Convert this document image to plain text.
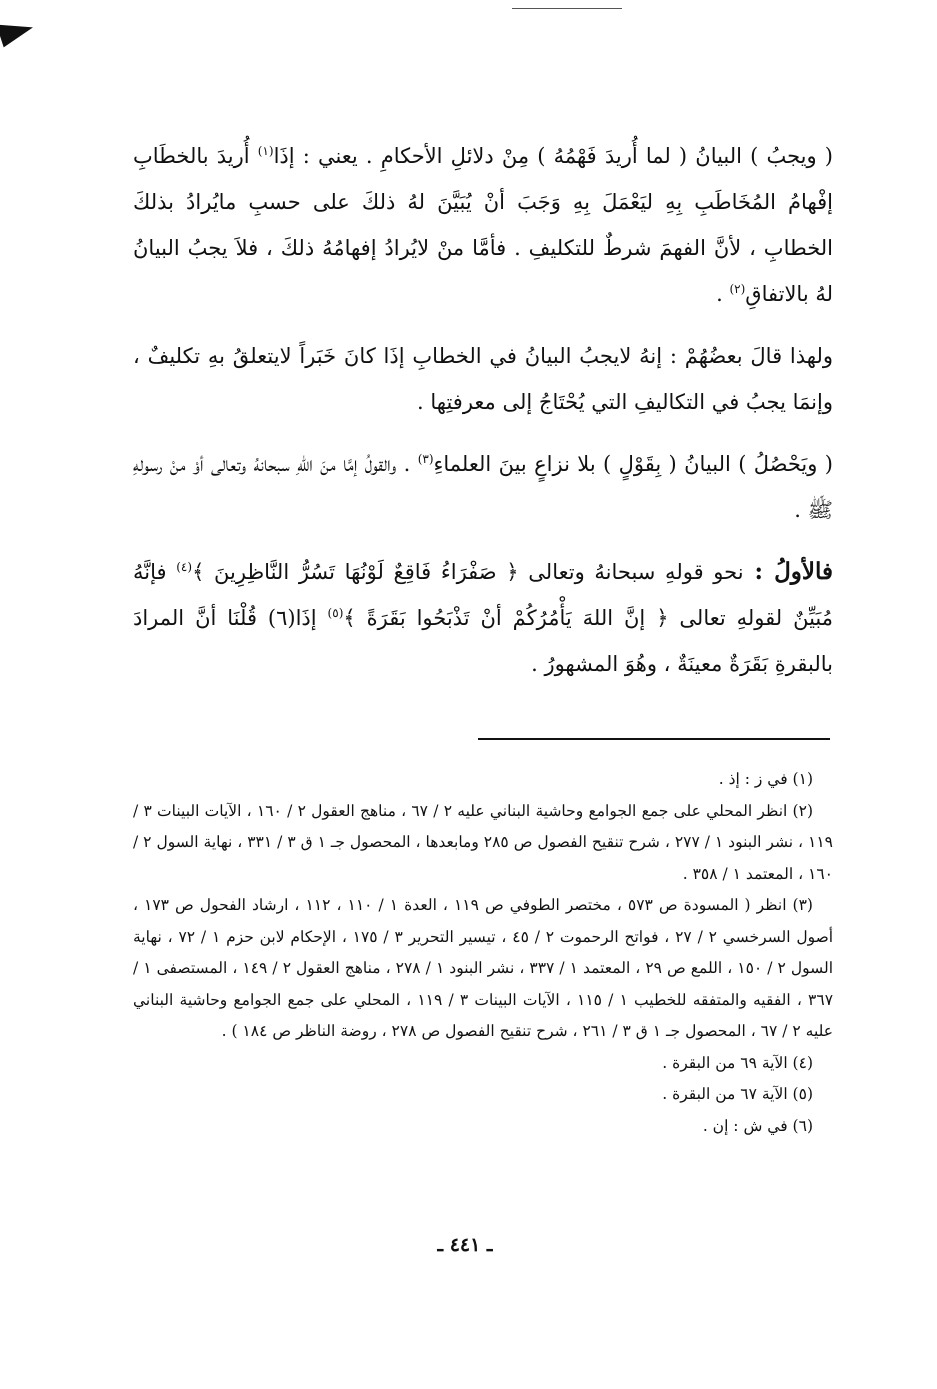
( ويجبُ ) البيانُ ( لما أُريدَ فَهْمُهُ ) مِنْ دلائلِ الأحكامِ . يعني : إذَا$^{(١)}$ أُريدَ بالخطَابِ إفْهامُ المُخَاطَبِ بِهِ ليَعْمَلَ بِهِ وَجَبَ أنْ يُبَيَّنَ لهُ ذلكَ على حسبِ مايُرادُ بذلكَ الخطابِ ، لأنَّ الفهمَ شرطٌ للتكليفِ . فأمَّا منْ لايُرادُ إفهامُهُ ذلكَ ، فلاَ يجبُ البيانُ لهُ بالاتفاقِ$^{(٢)}$ .

ولهذا قالَ بعضُهُمْ : إنهُ لايجبُ البيانُ في الخطابِ إذَا كانَ خَبَراً لايتعلقُ بهِ تكليفٌ ، وإنمَا يجبُ في التكاليفِ التي يُحْتَاجُ إلى معرفتِها .

( ويَحْصُلُ ) البيانُ ( بِقَوْلٍ ) بلا نزاعٍ بينَ العلماءِ$^{(٣)}$ . والقولُ إمَّا منَ اللهِ سبحانهُ وتعالى أوْ منْ رسولهِ ﷺ .

فالأولُ : نحو قولهِ سبحانهُ وتعالى ﴿ صَفْرَاءُ فَاقِعٌ لَوْنُهَا تَسُرُّ النَّاظِرِينَ ﴾$^{(٤)}$ فإنَّهُ مُبَيِّنٌ لقولهِ تعالى ﴿ إنَّ اللهَ يَأْمُرُكُمْ أنْ تَذْبَحُوا بَقَرَةً ﴾$^{(٥)}$ إذَا(٦) قُلْنَا أنَّ المرادَ بالبقرةِ بَقَرَةٌ معينَةٌ ، وهُوَ المشهورُ .

(١) في ز : إذ .

(٢) انظر المحلي على جمع الجوامع وحاشية البناني عليه ٢ / ٦٧ ، مناهج العقول ٢ / ١٦٠ ، الآيات البينات ٣ / ١١٩ ، نشر البنود ١ / ٢٧٧ ، شرح تنقيح الفصول ص ٢٨٥ ومابعدها ، المحصول جـ ١ ق ٣ / ٣٣١ ، نهاية السول ٢ / ١٦٠ ، المعتمد ١ / ٣٥٨ .

(٣) انظر ( المسودة ص ٥٧٣ ، مختصر الطوفي ص ١١٩ ، العدة ١ / ١١٠ ، ١١٢ ، ارشاد الفحول ص ١٧٣ ، أصول السرخسي ٢ / ٢٧ ، فواتح الرحموت ٢ / ٤٥ ، تيسير التحرير ٣ / ١٧٥ ، الإحكام لابن حزم ١ / ٧٢ ، نهاية السول ٢ / ١٥٠ ، اللمع ص ٢٩ ، المعتمد ١ / ٣٣٧ ، نشر البنود ١ / ٢٧٨ ، مناهج العقول ٢ / ١٤٩ ، المستصفى ١ / ٣٦٧ ، الفقيه والمتفقه للخطيب ١ / ١١٥ ، الآيات البينات ٣ / ١١٩ ، المحلي على جمع الجوامع وحاشية البناني عليه ٢ / ٦٧ ، المحصول جـ ١ ق ٣ / ٢٦١ ، شرح تنقيح الفصول ص ٢٧٨ ، روضة الناظر ص ١٨٤ ) .

(٤) الآية ٦٩ من البقرة .

(٥) الآية ٦٧ من البقرة .

(٦) في ش : إن .

ـ ٤٤١ ـ
